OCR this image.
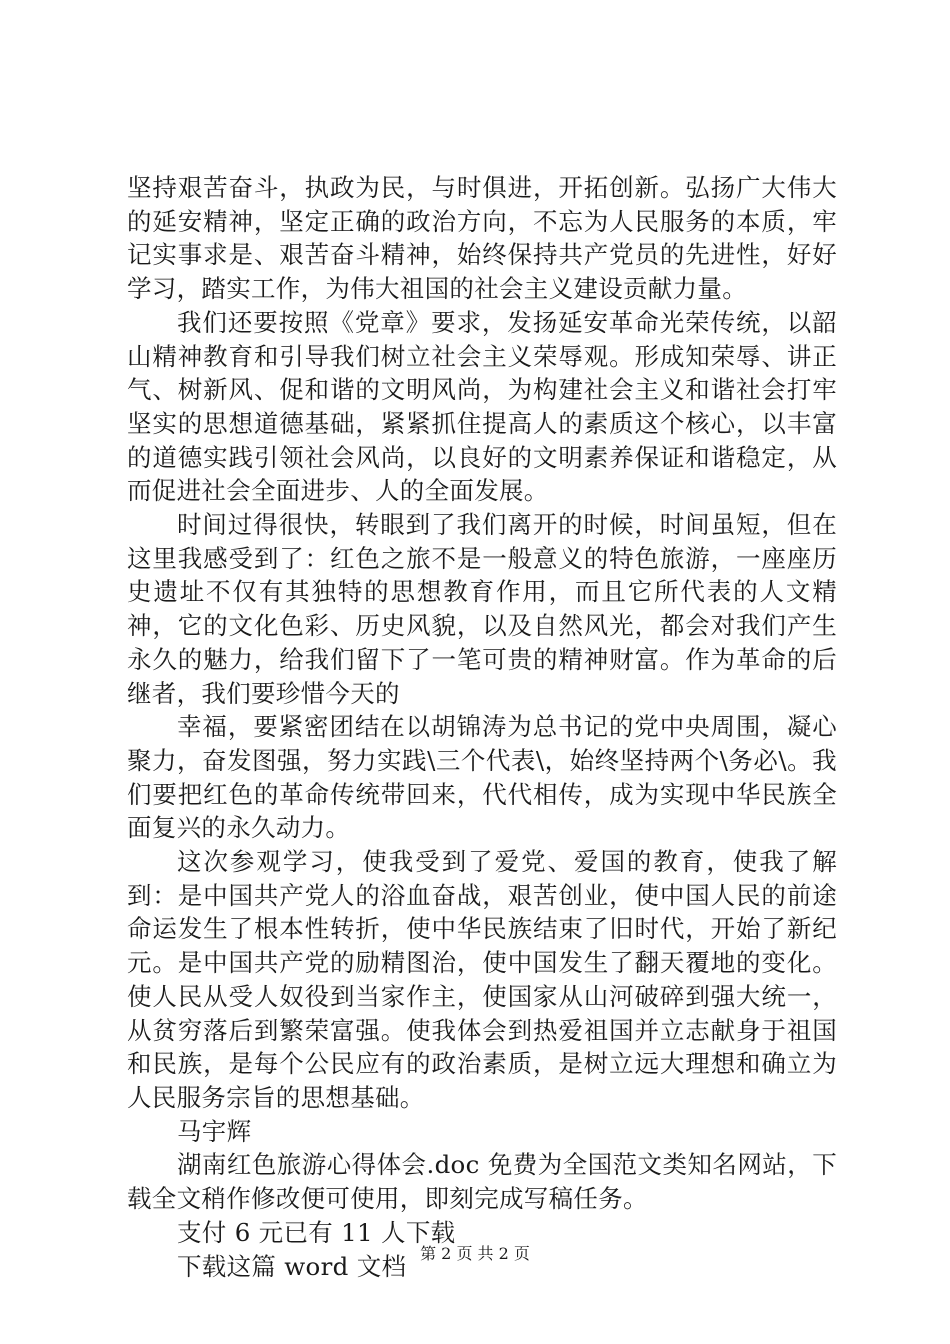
坚持艰苦奋斗，执政为民，与时俱进，开拓创新。弘扬广大伟大的延安精神，坚定正确的政治方向，不忘为人民服务的本质，牢记实事求是、艰苦奋斗精神，始终保持共产党员的先进性，好好学习，踏实工作，为伟大祖国的社会主义建设贡献力量。

我们还要按照《党章》要求，发扬延安革命光荣传统，以韶山精神教育和引导我们树立社会主义荣辱观。形成知荣辱、讲正气、树新风、促和谐的文明风尚，为构建社会主义和谐社会打牢坚实的思想道德基础，紧紧抓住提高人的素质这个核心，以丰富的道德实践引领社会风尚，以良好的文明素养保证和谐稳定，从而促进社会全面进步、人的全面发展。

时间过得很快，转眼到了我们离开的时候，时间虽短，但在这里我感受到了：红色之旅不是一般意义的特色旅游，一座座历史遗址不仅有其独特的思想教育作用，而且它所代表的人文精神，它的文化色彩、历史风貌，以及自然风光，都会对我们产生永久的魅力，给我们留下了一笔可贵的精神财富。作为革命的后继者，我们要珍惜今天的

幸福，要紧密团结在以胡锦涛为总书记的党中央周围，凝心聚力，奋发图强，努力实践\三个代表\，始终坚持两个\务必\。我们要把红色的革命传统带回来，代代相传，成为实现中华民族全面复兴的永久动力。

这次参观学习，使我受到了爱党、爱国的教育，使我了解到：是中国共产党人的浴血奋战，艰苦创业，使中国人民的前途命运发生了根本性转折，使中华民族结束了旧时代，开始了新纪元。是中国共产党的励精图治，使中国发生了翻天覆地的变化。使人民从受人奴役到当家作主，使国家从山河破碎到强大统一，从贫穷落后到繁荣富强。使我体会到热爱祖国并立志献身于祖国和民族，是每个公民应有的政治素质，是树立远大理想和确立为人民服务宗旨的思想基础。

马宇辉

湖南红色旅游心得体会.doc 免费为全国范文类知名网站，下载全文稍作修改便可使用，即刻完成写稿任务。

支付 6 元已有 11 人下载

下载这篇 word 文档 第 2 页 共 2 页
